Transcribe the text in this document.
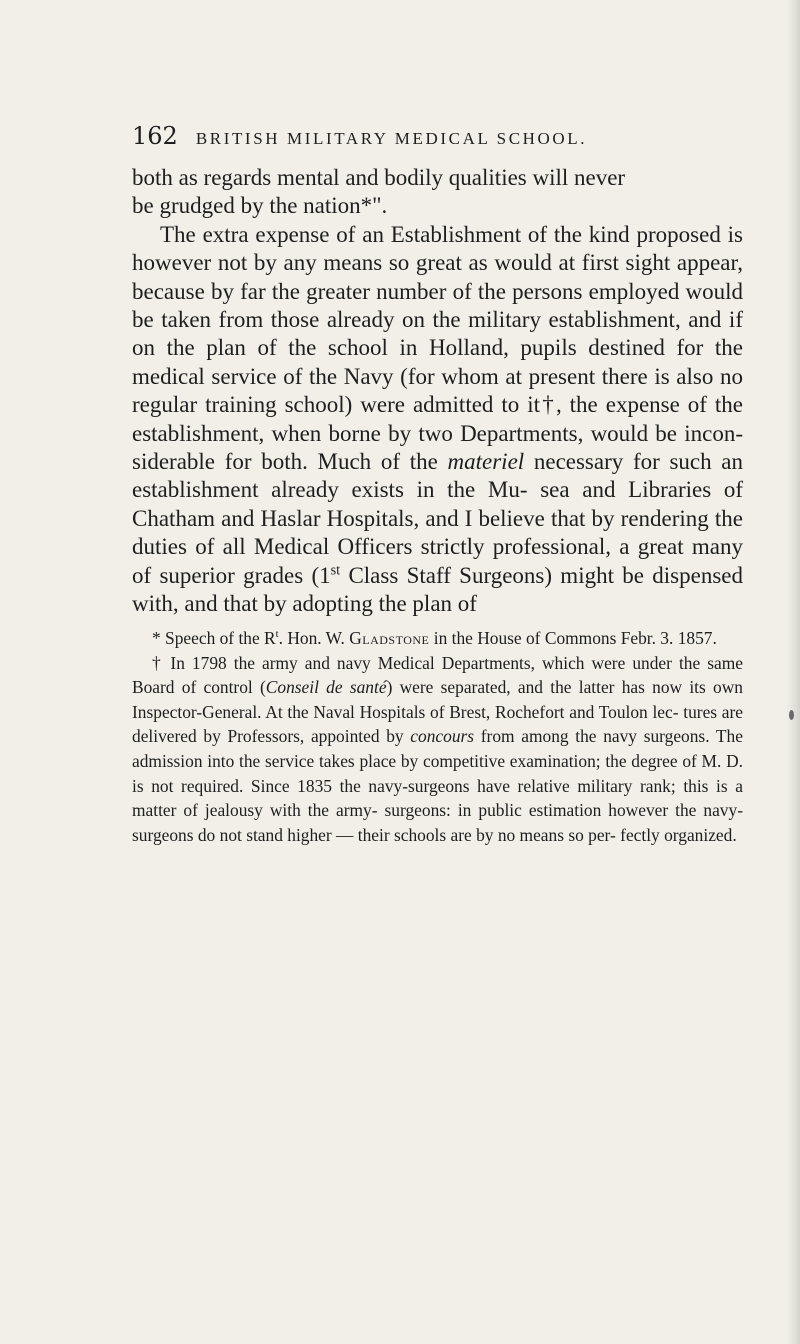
162 BRITISH MILITARY MEDICAL SCHOOL.

both as regards mental and bodily qualities will never
be grudged by the nation*".

The extra expense of an Establishment of the kind proposed is however not by any means so great as would at first sight appear, because by far the greater number of the persons employed would be taken from those already on the military establishment, and if on the plan of the school in Holland, pupils destined for the medical service of the Navy (for whom at present there is also no regular training school) were admitted to it†, the expense of the establishment, when borne by two Departments, would be incon- siderable for both. Much of the materiel necessary for such an establishment already exists in the Mu- sea and Libraries of Chatham and Haslar Hospitals, and I believe that by rendering the duties of all Medical Officers strictly professional, a great many of superior grades (1st Class Staff Surgeons) might be dispensed with, and that by adopting the plan of

* Speech of the $R^t$. Hon. W. Gladstone in the House of Commons Febr. 3. 1857.

† In 1798 the army and navy Medical Departments, which were under the same Board of control (Conseil de santé) were separated, and the latter has now its own Inspector-General. At the Naval Hospitals of Brest, Rochefort and Toulon lec- tures are delivered by Professors, appointed by concours from among the navy surgeons. The admission into the service takes place by competitive examination; the degree of M. D. is not required. Since 1835 the navy-surgeons have relative military rank; this is a matter of jealousy with the army- surgeons: in public estimation however the navy-surgeons do not stand higher — their schools are by no means so per- fectly organized.
